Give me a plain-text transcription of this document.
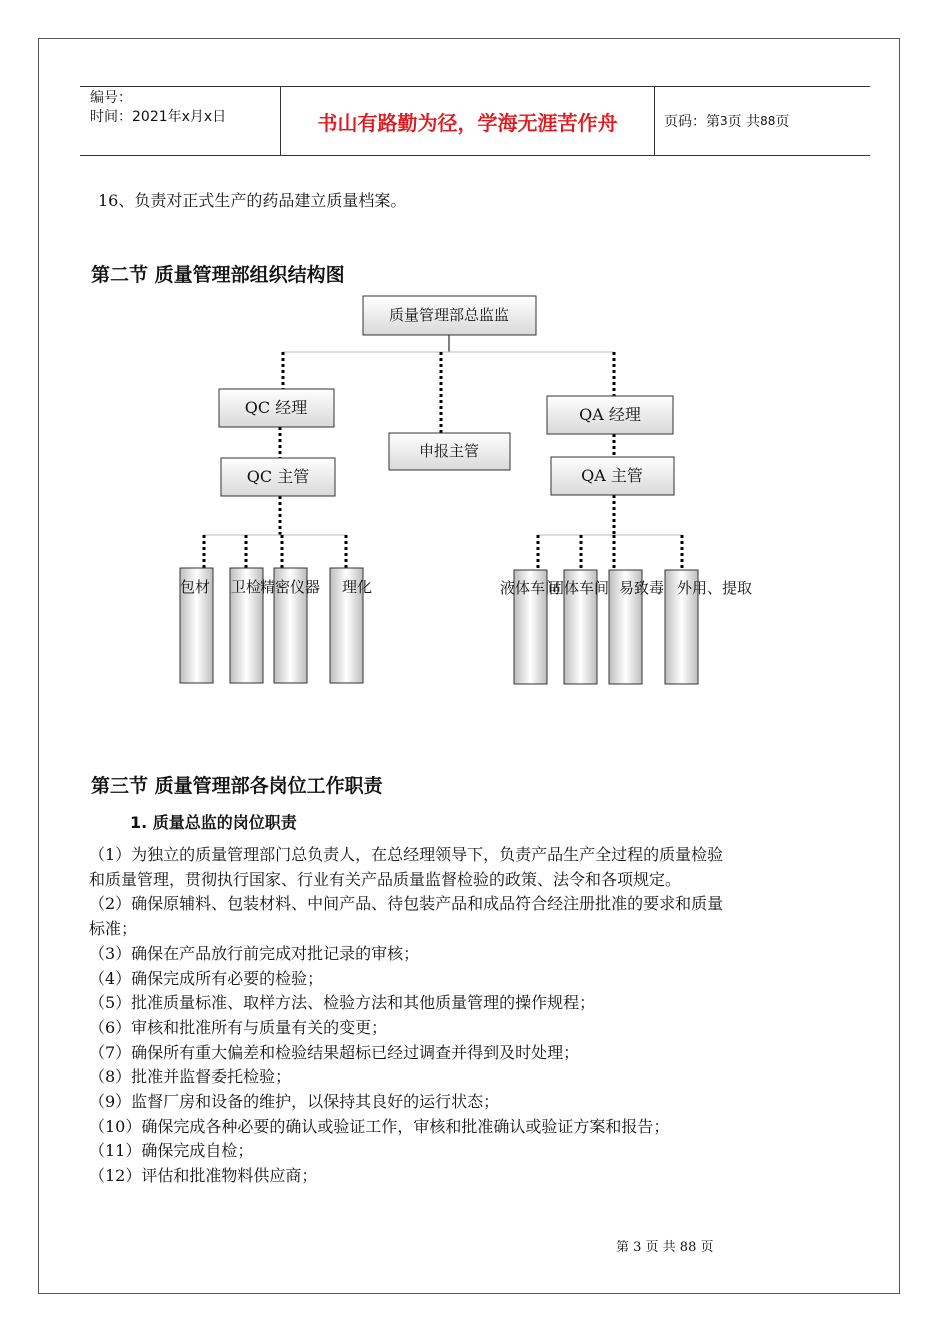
编号：
时间：2021年x月x日	书山有路勤为径，学海无涯苦作舟	页码：第 3 页 共 88 页
16、负责对正式生产的药品建立质量档案。
第二节 质量管理部组织结构图
质量管理部总监监
QC 经理
QC 主管
申报主管
QA 经理
QA 主管
包材 卫检
精密仪器 理化	液体车间
固体车间 易致毒 外用、提取
第三节 质量管理部各岗位工作职责
1. 质量总监的岗位职责

（1）为独立的质量管理部门总负责人，在总经理领导下，负责产品生产全过程的质量检验

和质量管理，贯彻执行国家、行业有关产品质量监督检验的政策、法令和各项规定。

（2）确保原辅料、包装材料、中间产品、待包装产品和成品符合经注册批准的要求和质量

标准；

（3）确保在产品放行前完成对批记录的审核；

（4）确保完成所有必要的检验；

（5）批准质量标准、取样方法、检验方法和其他质量管理的操作规程；

（6）审核和批准所有与质量有关的变更；

（7）确保所有重大偏差和检验结果超标已经过调查并得到及时处理；

（8）批准并监督委托检验；

（9）监督厂房和设备的维护，以保持其良好的运行状态；

（10）确保完成各种必要的确认或验证工作，审核和批准确认或验证方案和报告；

（11）确保完成自检；

（12）评估和批准物料供应商；

第 3 页 共 88 页
